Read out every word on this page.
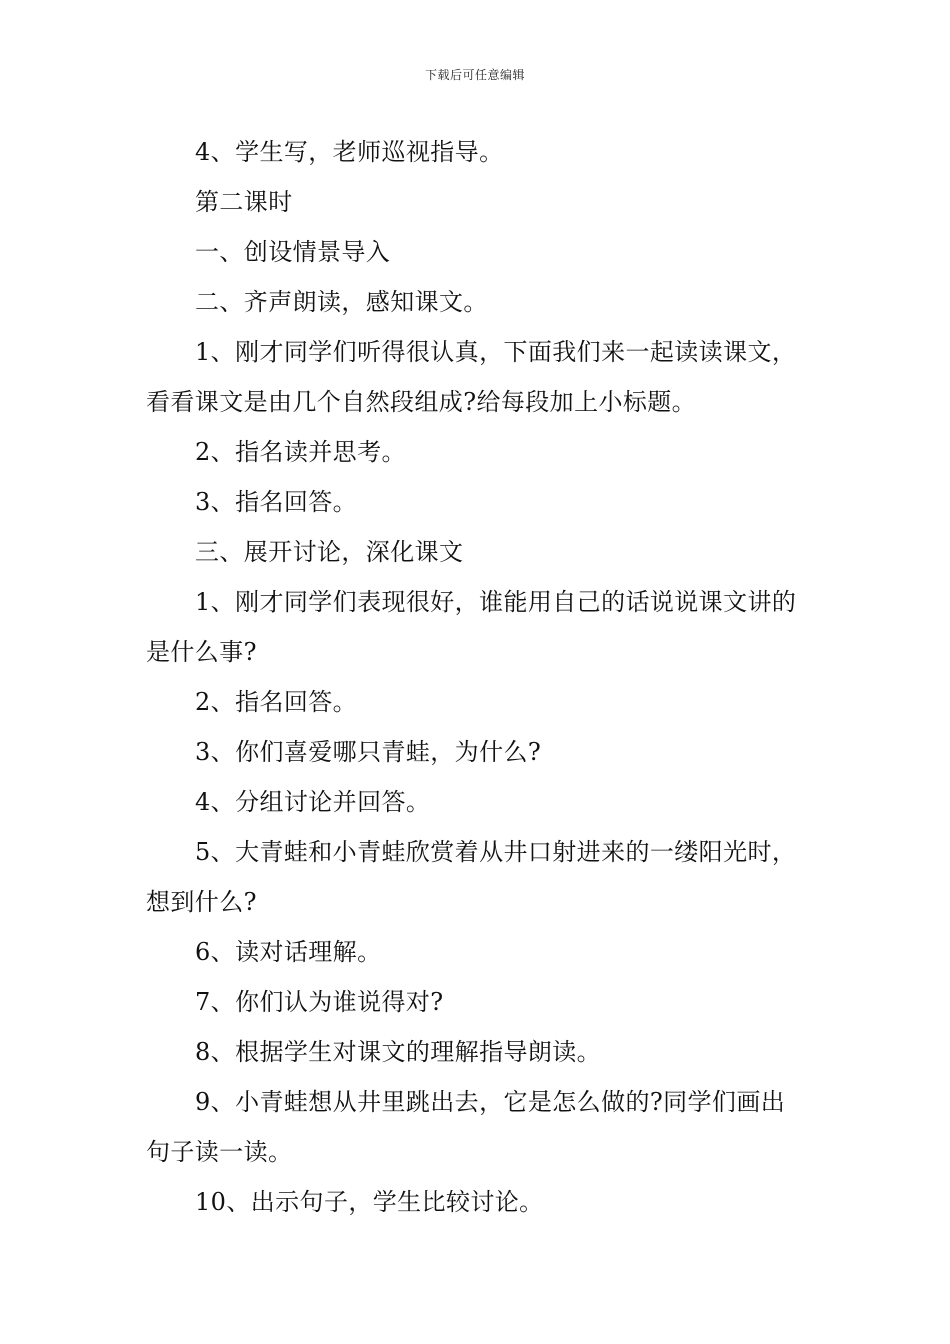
下载后可任意编辑

4、学生写，老师巡视指导。

第二课时

一、创设情景导入

二、齐声朗读，感知课文。

1、刚才同学们听得很认真，下面我们来一起读读课文，看看课文是由几个自然段组成?给每段加上小标题。

2、指名读并思考。

3、指名回答。

三、展开讨论，深化课文

1、刚才同学们表现很好，谁能用自己的话说说课文讲的是什么事?

2、指名回答。

3、你们喜爱哪只青蛙，为什么?

4、分组讨论并回答。

5、大青蛙和小青蛙欣赏着从井口射进来的一缕阳光时，想到什么?

6、读对话理解。

7、你们认为谁说得对?

8、根据学生对课文的理解指导朗读。

9、小青蛙想从井里跳出去，它是怎么做的?同学们画出句子读一读。

10、出示句子，学生比较讨论。
